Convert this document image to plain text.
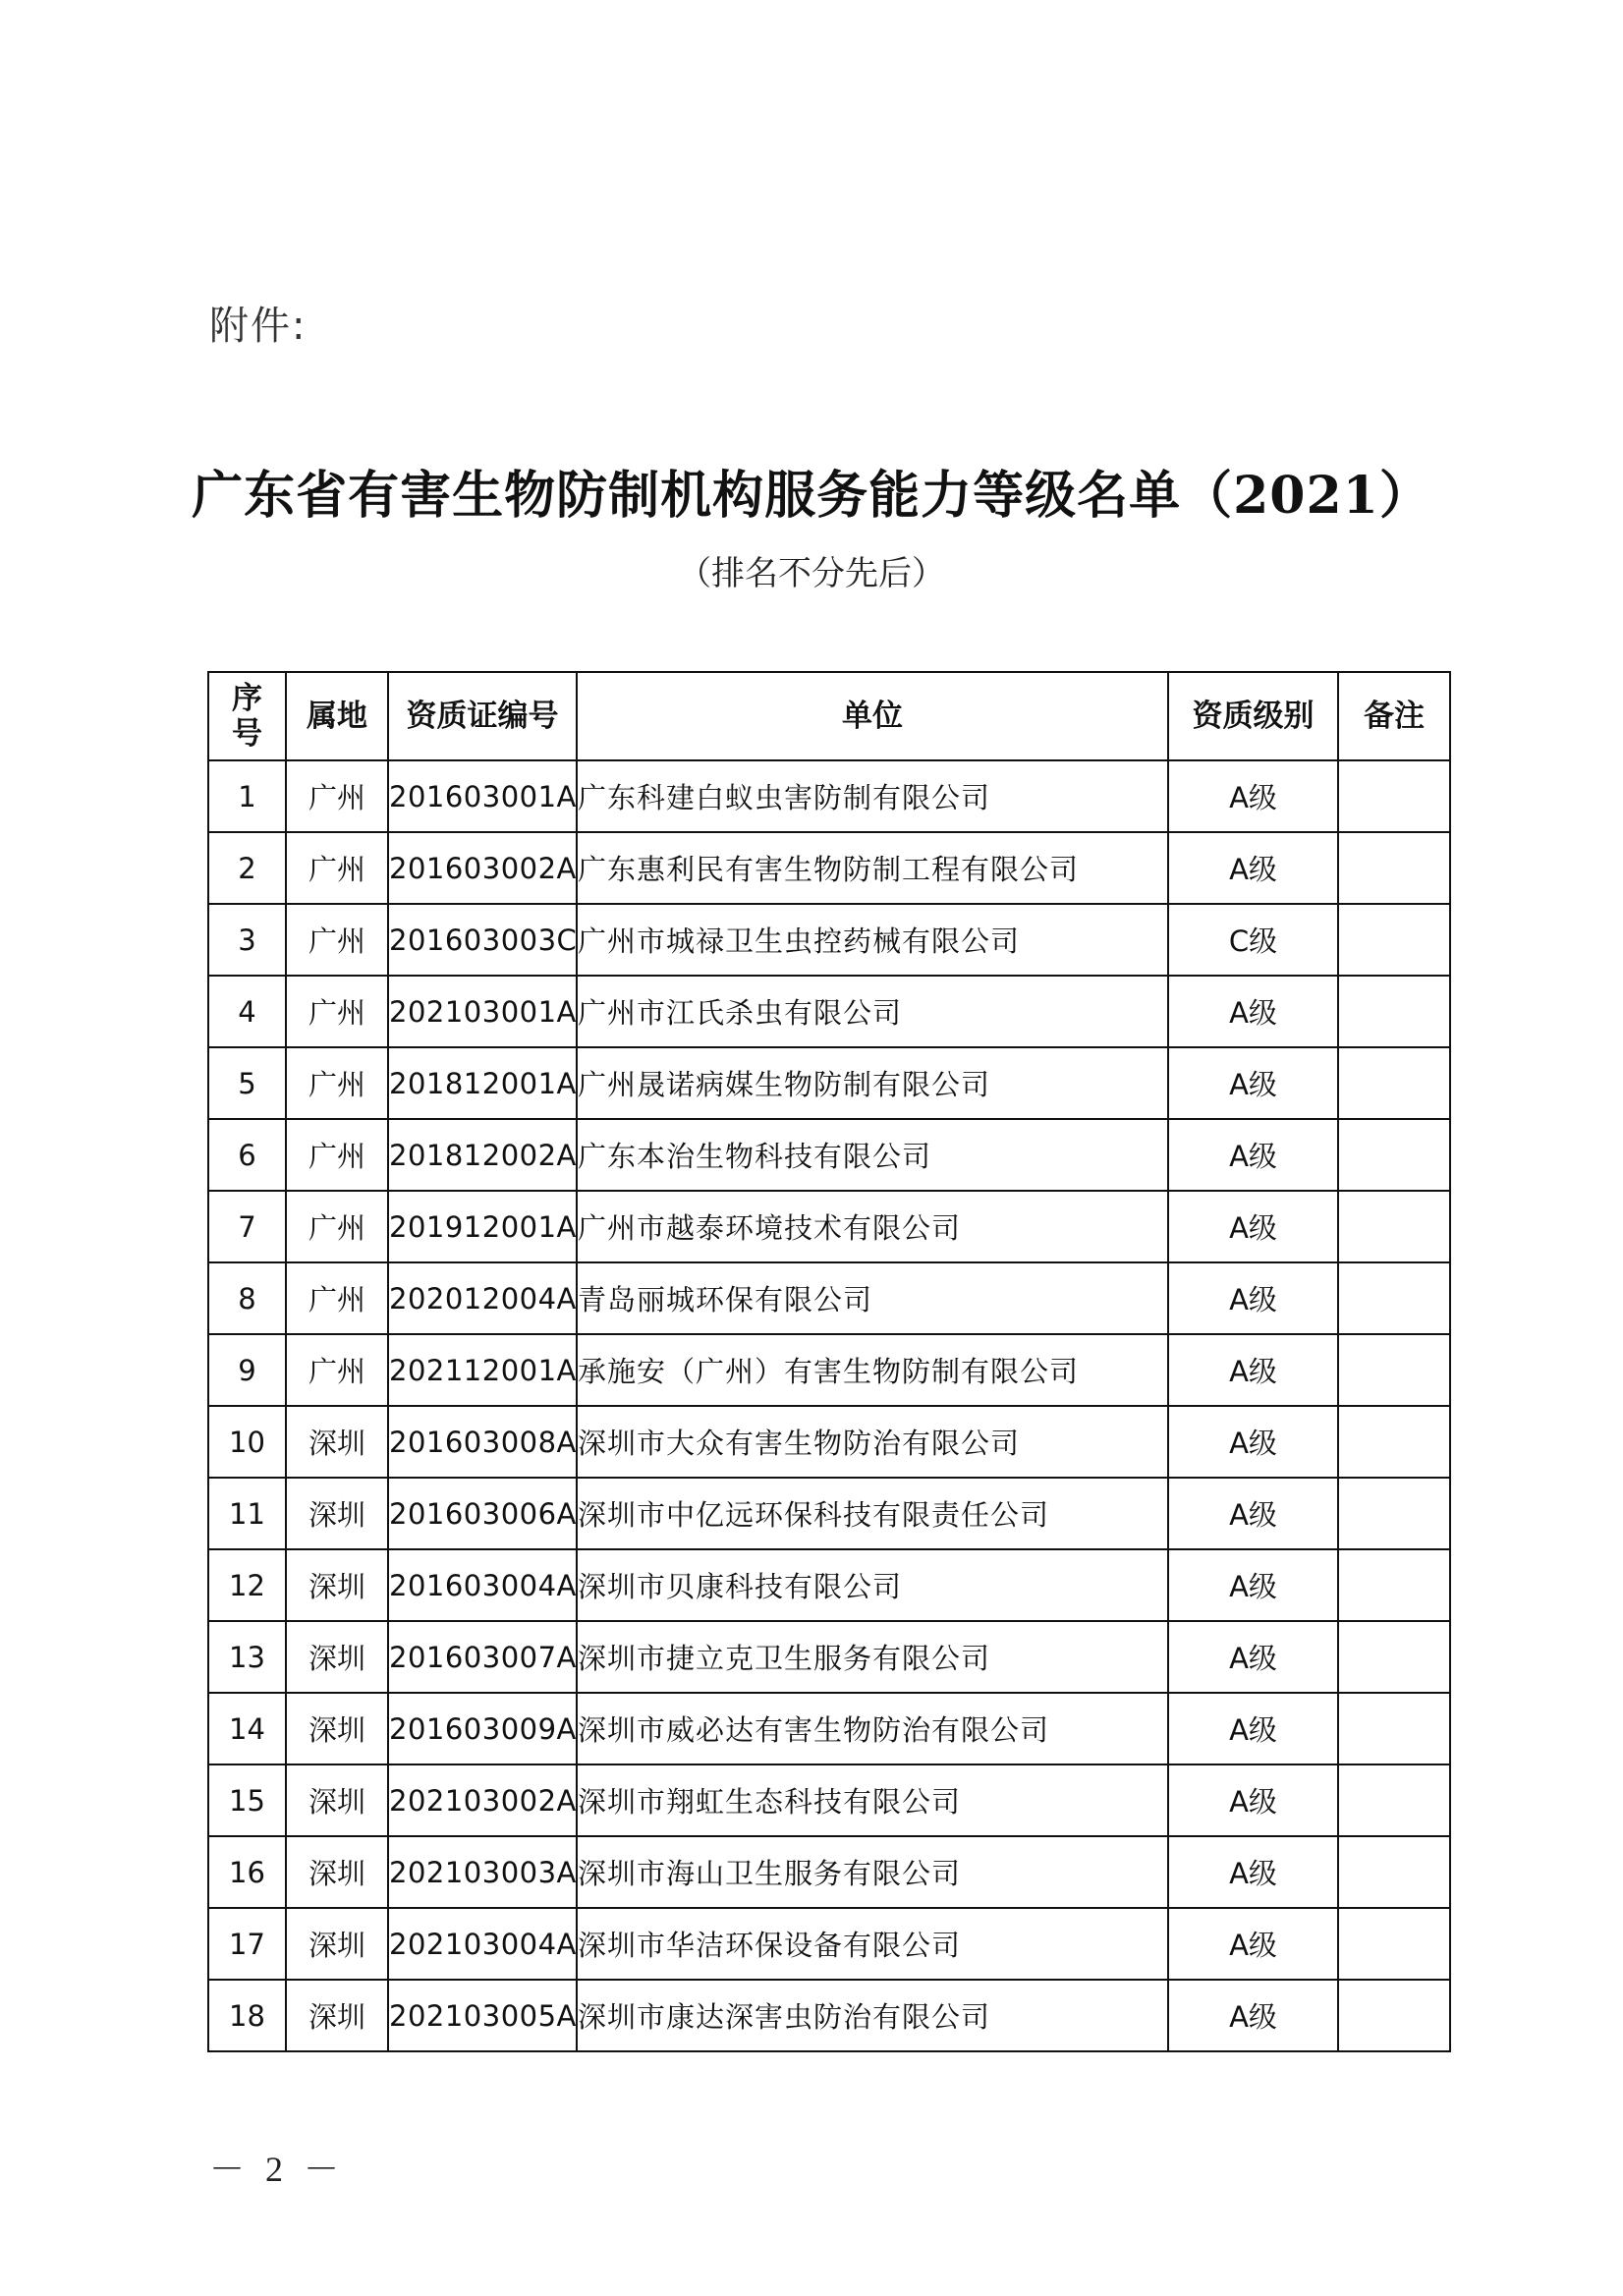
附件:
广东省有害生物防制机构服务能力等级名单（2021）
（排名不分先后）
序
号	属地	资质证编号	单位	资质级别	备注
1	广州	201603001A	广东科建白蚁虫害防制有限公司	A级	
2	广州	201603002A	广东惠利民有害生物防制工程有限公司	A级	
3	广州	201603003C	广州市城禄卫生虫控药械有限公司	C级	
4	广州	202103001A	广州市江氏杀虫有限公司	A级	
5	广州	201812001A	广州晟诺病媒生物防制有限公司	A级	
6	广州	201812002A	广东本治生物科技有限公司	A级	
7	广州	201912001A	广州市越泰环境技术有限公司	A级	
8	广州	202012004A	青岛丽城环保有限公司	A级	
9	广州	202112001A	承施安（广州）有害生物防制有限公司	A级	
10	深圳	201603008A	深圳市大众有害生物防治有限公司	A级	
11	深圳	201603006A	深圳市中亿远环保科技有限责任公司	A级	
12	深圳	201603004A	深圳市贝康科技有限公司	A级	
13	深圳	201603007A	深圳市捷立克卫生服务有限公司	A级	
14	深圳	201603009A	深圳市威必达有害生物防治有限公司	A级	
15	深圳	202103002A	深圳市翔虹生态科技有限公司	A级	
16	深圳	202103003A	深圳市海山卫生服务有限公司	A级	
17	深圳	202103004A	深圳市华洁环保设备有限公司	A级	
18	深圳	202103005A	深圳市康达深害虫防治有限公司	A级	
－ 2 －
